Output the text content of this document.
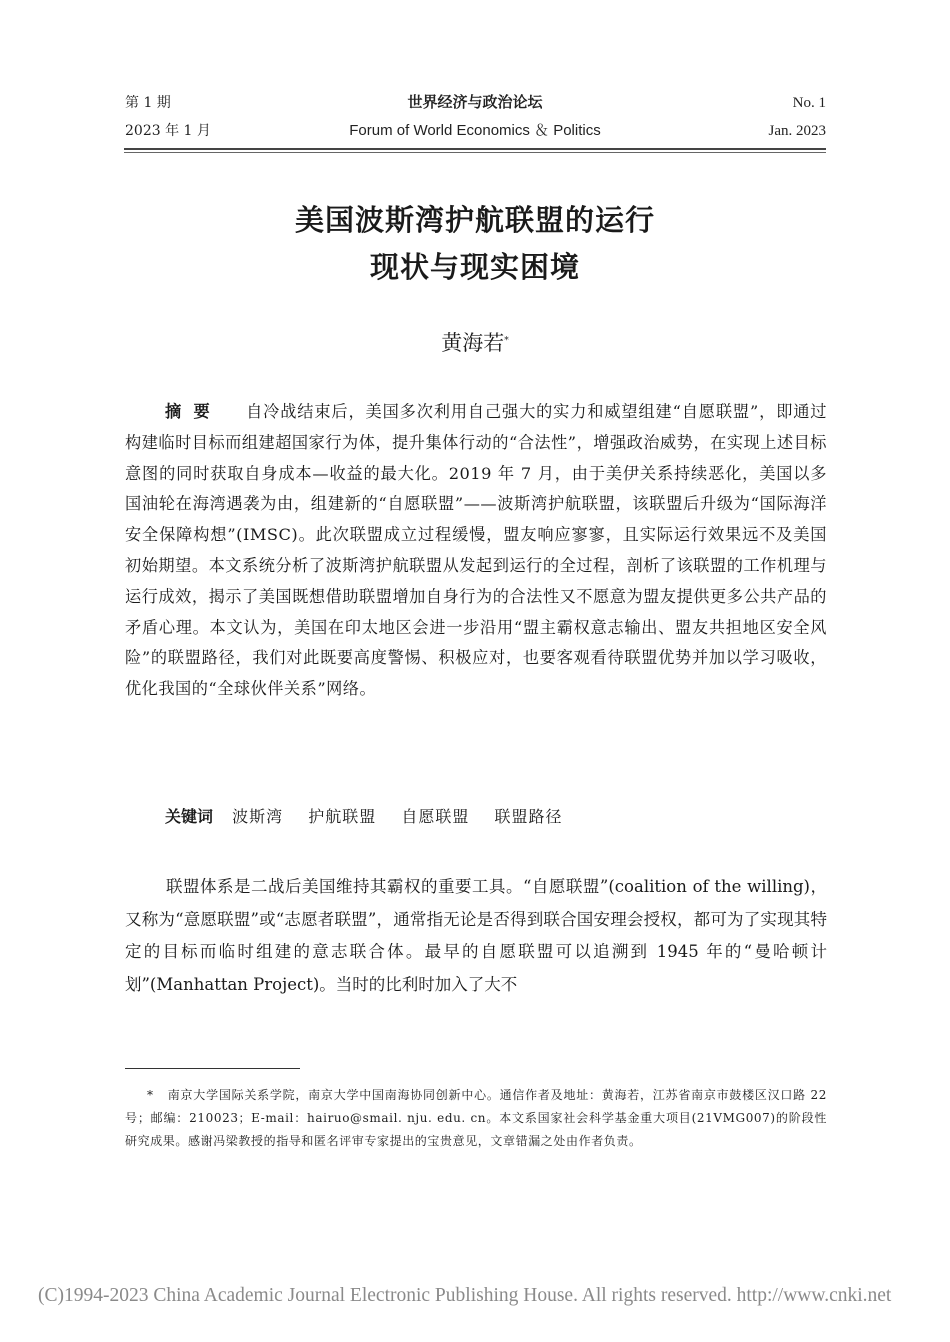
第 1 期
2023 年 1 月
世界经济与政治论坛
Forum of World Economics ＆ Politics
No. 1
Jan. 2023
美国波斯湾护航联盟的运行
现状与现实困境
黄海若*

摘要 自冷战结束后，美国多次利用自己强大的实力和威望组建“自愿联盟”，即通过构建临时目标而组建超国家行为体，提升集体行动的“合法性”，增强政治威势，在实现上述目标意图的同时获取自身成本—收益的最大化。2019 年 7 月，由于美伊关系持续恶化，美国以多国油轮在海湾遇袭为由，组建新的“自愿联盟”——波斯湾护航联盟，该联盟后升级为“国际海洋安全保障构想”(IMSC)。此次联盟成立过程缓慢，盟友响应寥寥，且实际运行效果远不及美国初始期望。本文系统分析了波斯湾护航联盟从发起到运行的全过程，剖析了该联盟的工作机理与运行成效，揭示了美国既想借助联盟增加自身行为的合法性又不愿意为盟友提供更多公共产品的矛盾心理。本文认为，美国在印太地区会进一步沿用“盟主霸权意志输出、盟友共担地区安全风险”的联盟路径，我们对此既要高度警惕、积极应对，也要客观看待联盟优势并加以学习吸收，优化我国的“全球伙伴关系”网络。

关键词 波斯湾 护航联盟 自愿联盟 联盟路径

联盟体系是二战后美国维持其霸权的重要工具。“自愿联盟”(coalition of the willing)，又称为“意愿联盟”或“志愿者联盟”，通常指无论是否得到联合国安理会授权，都可为了实现其特定的目标而临时组建的意志联合体。最早的自愿联盟可以追溯到 1945 年的“曼哈顿计划”(Manhattan Project)。当时的比利时加入了大不

* 南京大学国际关系学院，南京大学中国南海协同创新中心。通信作者及地址：黄海若，江苏省南京市鼓楼区汉口路 22 号；邮编：210023；E-mail：hairuo@smail. nju. edu. cn。本文系国家社会科学基金重大项目(21VMG007)的阶段性研究成果。感谢冯梁教授的指导和匿名评审专家提出的宝贵意见，文章错漏之处由作者负责。

(C)1994-2023 China Academic Journal Electronic Publishing House. All rights reserved. http://www.cnki.net
